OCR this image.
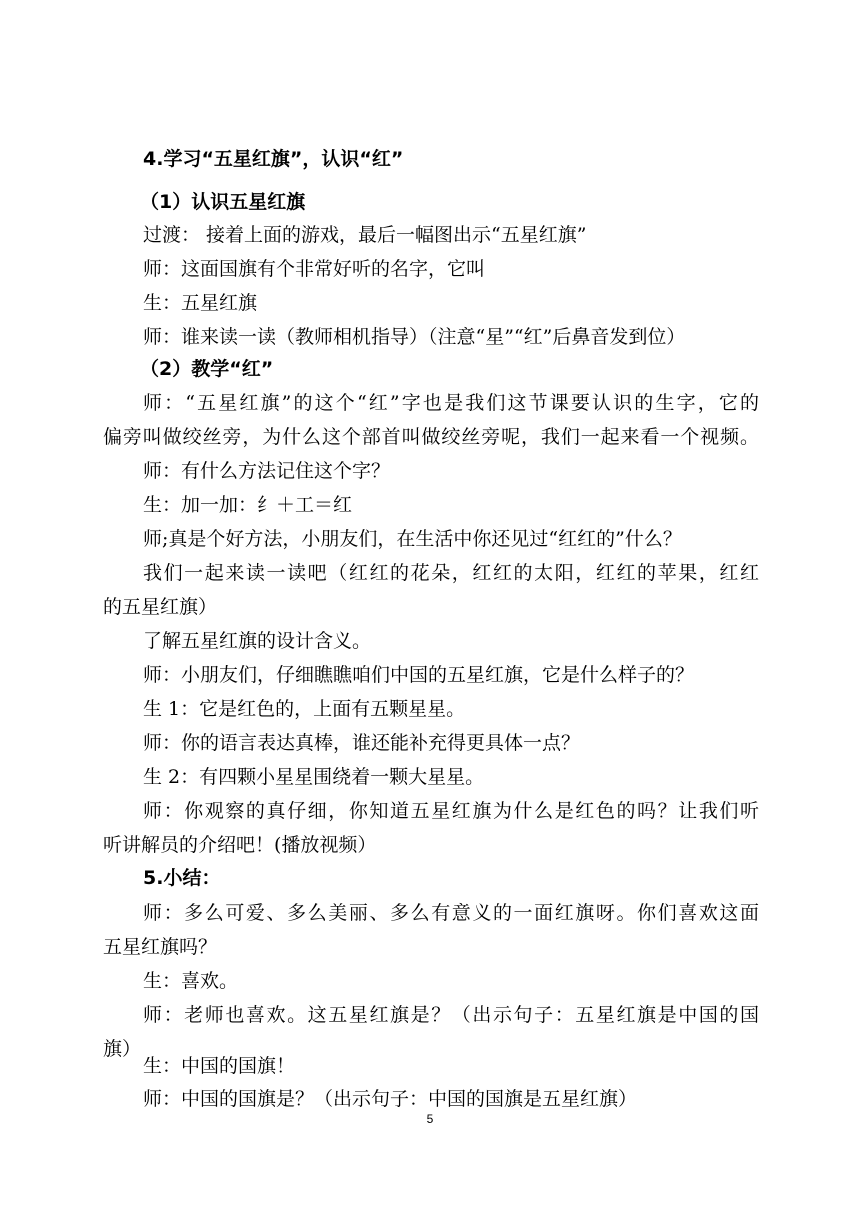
4.学习“五星红旗”，认识“红”
（1）认识五星红旗
过渡： 接着上面的游戏，最后一幅图出示“五星红旗”
师：这面国旗有个非常好听的名字，它叫
生：五星红旗
师：谁来读一读（教师相机指导）（注意“星”“红”后鼻音发到位）
（2）教学“红”
师：“五星红旗”的这个“红”字也是我们这节课要认识的生字，它的
偏旁叫做绞丝旁，为什么这个部首叫做绞丝旁呢，我们一起来看一个视频。
师：有什么方法记住这个字？
生：加一加：纟＋工＝红
师;真是个好方法，小朋友们，在生活中你还见过“红红的”什么？
我们一起来读一读吧（红红的花朵，红红的太阳，红红的苹果，红红
的五星红旗）
了解五星红旗的设计含义。
师：小朋友们，仔细瞧瞧咱们中国的五星红旗，它是什么样子的？
生 1：它是红色的，上面有五颗星星。
师：你的语言表达真棒，谁还能补充得更具体一点？
生 2：有四颗小星星围绕着一颗大星星。
师：你观察的真仔细，你知道五星红旗为什么是红色的吗？让我们听
听讲解员的介绍吧！(播放视频）
5.小结：
师：多么可爱、多么美丽、多么有意义的一面红旗呀。你们喜欢这面
五星红旗吗？
生：喜欢。
师：老师也喜欢。这五星红旗是？（出示句子：五星红旗是中国的国
旗）
生：中国的国旗！
师：中国的国旗是？（出示句子：中国的国旗是五星红旗）
5
